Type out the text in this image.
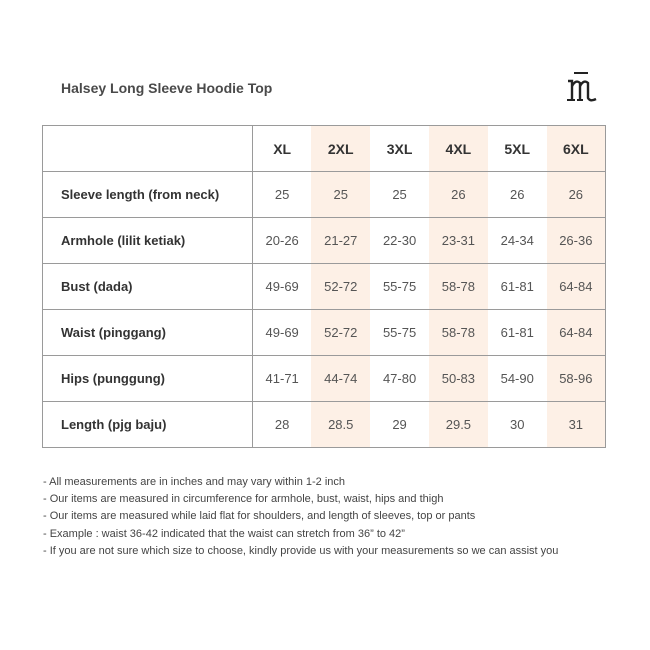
Halsey Long Sleeve Hoodie Top
	XL	2XL	3XL	4XL	5XL	6XL
Sleeve length (from neck)	25	25	25	26	26	26
Armhole (lilit ketiak)	20-26	21-27	22-30	23-31	24-34	26-36
Bust (dada)	49-69	52-72	55-75	58-78	61-81	64-84
Waist (pinggang)	49-69	52-72	55-75	58-78	61-81	64-84
Hips (punggung)	41-71	44-74	47-80	50-83	54-90	58-96
Length (pjg baju)	28	28.5	29	29.5	30	31
- All measurements are in inches and may vary within 1-2 inch
- Our items are measured in circumference for armhole, bust, waist, hips and thigh
- Our items are measured while laid flat for shoulders, and length of sleeves, top or pants
- Example : waist 36-42 indicated that the waist can stretch from 36” to 42”
- If you are not sure which size to choose, kindly provide us with your measurements so we can assist you
